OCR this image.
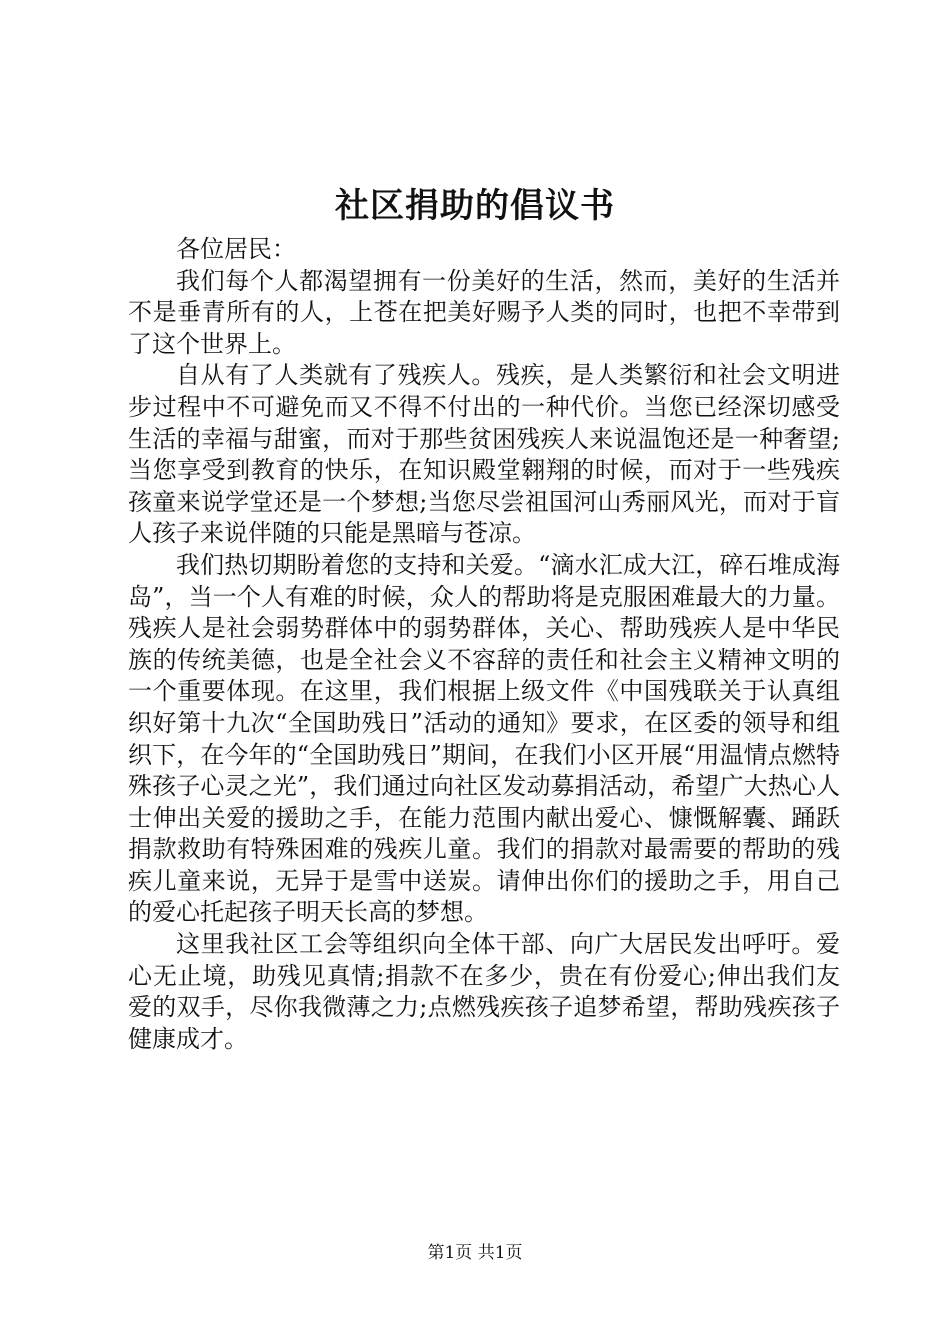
社区捐助的倡议书

各位居民：

我们每个人都渴望拥有一份美好的生活，然而，美好的生活并不是垂青所有的人，上苍在把美好赐予人类的同时，也把不幸带到了这个世界上。

自从有了人类就有了残疾人。残疾，是人类繁衍和社会文明进步过程中不可避免而又不得不付出的一种代价。当您已经深切感受生活的幸福与甜蜜，而对于那些贫困残疾人来说温饱还是一种奢望;当您享受到教育的快乐，在知识殿堂翱翔的时候，而对于一些残疾孩童来说学堂还是一个梦想;当您尽尝祖国河山秀丽风光，而对于盲人孩子来说伴随的只能是黑暗与苍凉。

我们热切期盼着您的支持和关爱。“滴水汇成大江，碎石堆成海岛”，当一个人有难的时候，众人的帮助将是克服困难最大的力量。残疾人是社会弱势群体中的弱势群体，关心、帮助残疾人是中华民族的传统美德，也是全社会义不容辞的责任和社会主义精神文明的一个重要体现。在这里，我们根据上级文件《中国残联关于认真组织好第十九次“全国助残日”活动的通知》要求，在区委的领导和组织下，在今年的“全国助残日”期间，在我们小区开展“用温情点燃特殊孩子心灵之光”，我们通过向社区发动募捐活动，希望广大热心人士伸出关爱的援助之手，在能力范围内献出爱心、慷慨解囊、踊跃捐款救助有特殊困难的残疾儿童。我们的捐款对最需要的帮助的残疾儿童来说，无异于是雪中送炭。请伸出你们的援助之手，用自己的爱心托起孩子明天长高的梦想。

这里我社区工会等组织向全体干部、向广大居民发出呼吁。爱心无止境，助残见真情;捐款不在多少，贵在有份爱心;伸出我们友爱的双手，尽你我微薄之力;点燃残疾孩子追梦希望，帮助残疾孩子健康成才。

第1页 共1页
